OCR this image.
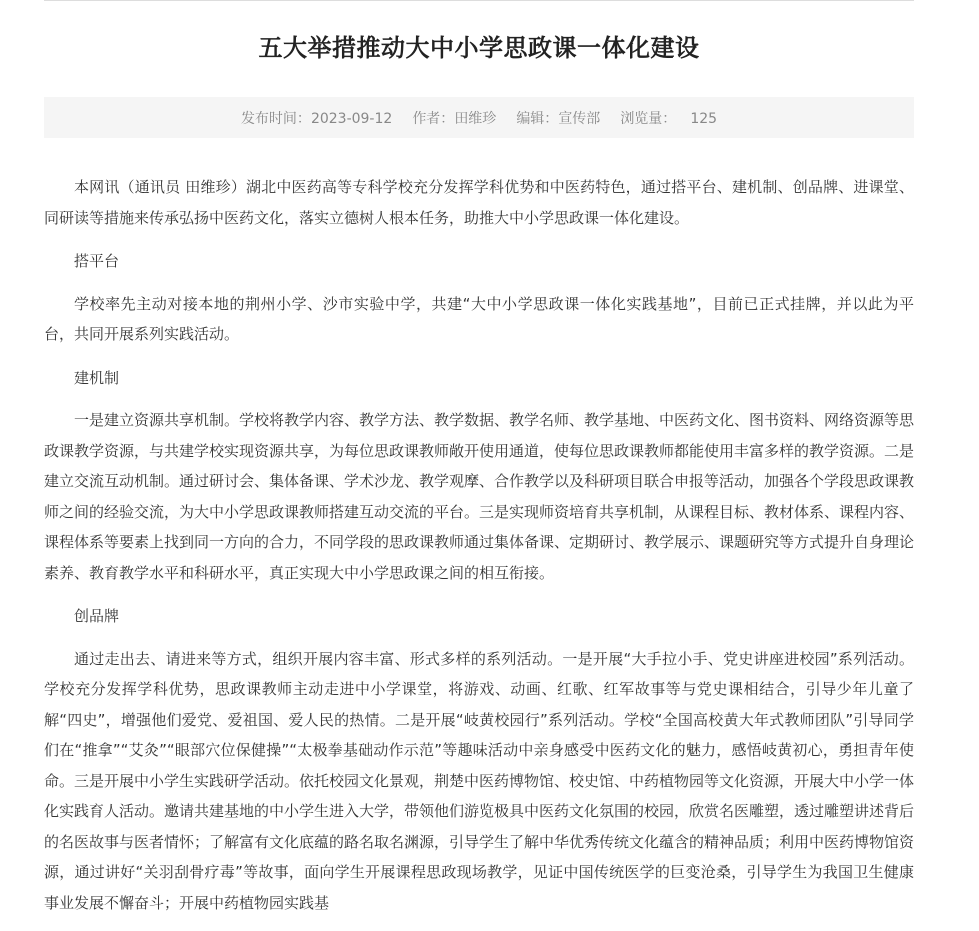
五大举措推动大中小学思政课一体化建设
发布时间：2023-09-12 作者：田维珍 编辑：宣传部 浏览量： 125

本网讯（通讯员 田维珍）湖北中医药高等专科学校充分发挥学科优势和中医药特色，通过搭平台、建机制、创品牌、进课堂、同研读等措施来传承弘扬中医药文化，落实立德树人根本任务，助推大中小学思政课一体化建设。

搭平台

学校率先主动对接本地的荆州小学、沙市实验中学，共建“大中小学思政课一体化实践基地”，目前已正式挂牌，并以此为平台，共同开展系列实践活动。

建机制

一是建立资源共享机制。学校将教学内容、教学方法、教学数据、教学名师、教学基地、中医药文化、图书资料、网络资源等思政课教学资源，与共建学校实现资源共享，为每位思政课教师敞开使用通道，使每位思政课教师都能使用丰富多样的教学资源。二是建立交流互动机制。通过研讨会、集体备课、学术沙龙、教学观摩、合作教学以及科研项目联合申报等活动，加强各个学段思政课教师之间的经验交流，为大中小学思政课教师搭建互动交流的平台。三是实现师资培育共享机制，从课程目标、教材体系、课程内容、课程体系等要素上找到同一方向的合力，不同学段的思政课教师通过集体备课、定期研讨、教学展示、课题研究等方式提升自身理论素养、教育教学水平和科研水平，真正实现大中小学思政课之间的相互衔接。

创品牌

通过走出去、请进来等方式，组织开展内容丰富、形式多样的系列活动。一是开展“大手拉小手、党史讲座进校园”系列活动。学校充分发挥学科优势，思政课教师主动走进中小学课堂，将游戏、动画、红歌、红军故事等与党史课相结合，引导少年儿童了解“四史”，增强他们爱党、爱祖国、爱人民的热情。二是开展“岐黄校园行”系列活动。学校“全国高校黄大年式教师团队”引导同学们在“推拿”“艾灸”“眼部穴位保健操”“太极拳基础动作示范”等趣味活动中亲身感受中医药文化的魅力，感悟岐黄初心，勇担青年使命。三是开展中小学生实践研学活动。依托校园文化景观，荆楚中医药博物馆、校史馆、中药植物园等文化资源，开展大中小学一体化实践育人活动。邀请共建基地的中小学生进入大学，带领他们游览极具中医药文化氛围的校园，欣赏名医雕塑，透过雕塑讲述背后的名医故事与医者情怀；了解富有文化底蕴的路名取名渊源，引导学生了解中华优秀传统文化蕴含的精神品质；利用中医药博物馆资源，通过讲好“关羽刮骨疗毒”等故事，面向学生开展课程思政现场教学，见证中国传统医学的巨变沧桑，引导学生为我国卫生健康事业发展不懈奋斗；开展中药植物园实践基
